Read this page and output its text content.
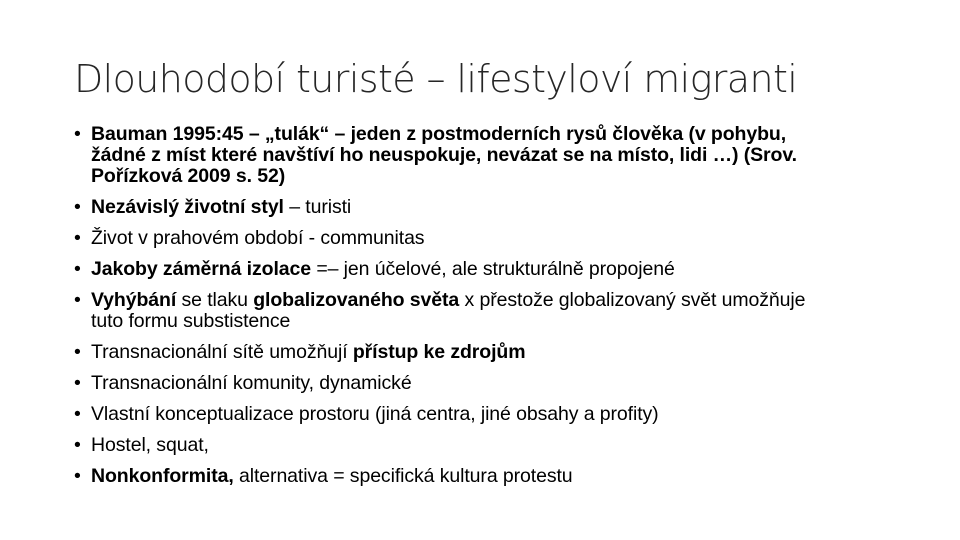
Dlouhodobí turisté – lifestyloví migranti
• Bauman 1995:45 – „tulák“ – jeden z postmoderních rysů člověka (v pohybu, žádné z míst které navštíví ho neuspokuje, nevázat se na místo, lidi …) (Srov. Pořízková 2009 s. 52)
• Nezávislý životní styl – turisti
• Život v prahovém období - communitas
• Jakoby záměrná izolace =– jen účelové, ale strukturálně propojené
• Vyhýbání se tlaku globalizovaného světa x přestože globalizovaný svět umožňuje tuto formu substistence
• Transnacionální sítě umožňují přístup ke zdrojům
• Transnacionální komunity, dynamické
• Vlastní konceptualizace prostoru (jiná centra, jiné obsahy a profity)
• Hostel, squat,
• Nonkonformita, alternativa = specifická kultura protestu
